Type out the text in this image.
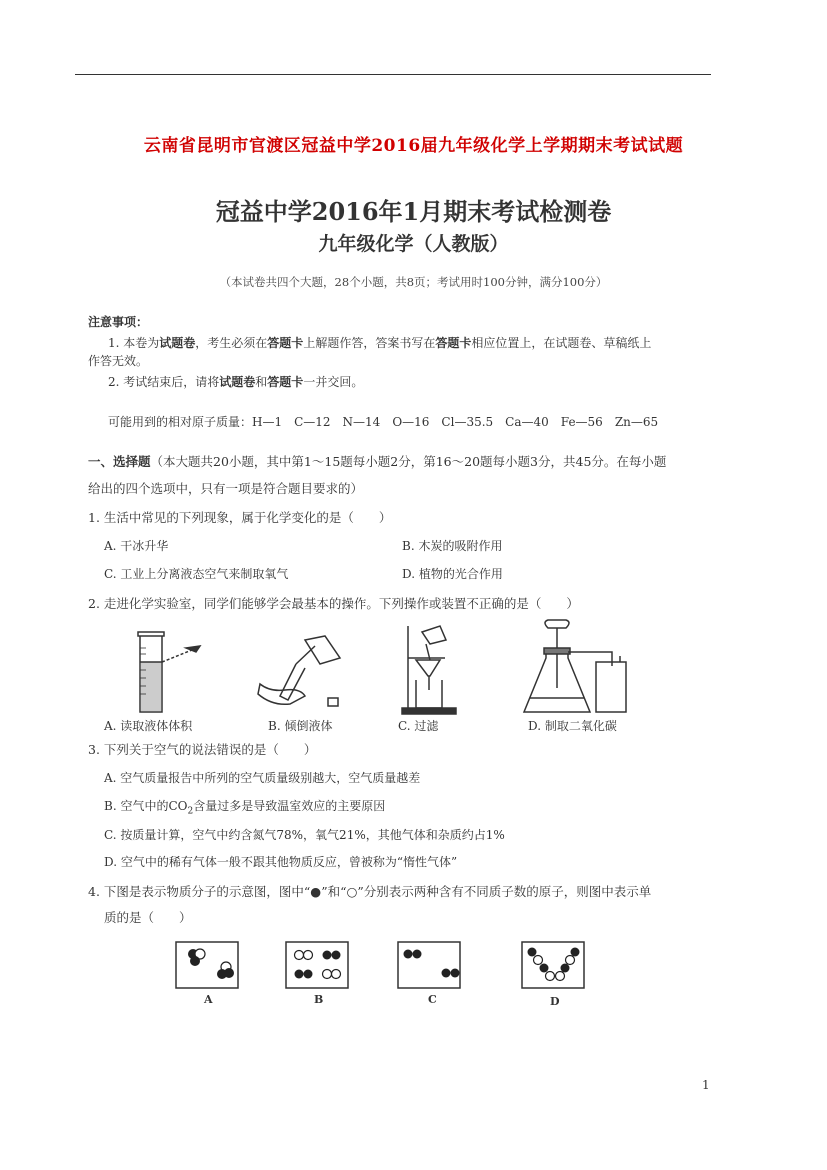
云南省昆明市官渡区冠益中学2016届九年级化学上学期期末考试试题
冠益中学2016年1月期末考试检测卷
九年级化学（人教版）
（本试卷共四个大题，28个小题，共8页；考试用时100分钟，满分100分）
注意事项：
1. 本卷为试题卷，考生必须在答题卡上解题作答，答案书写在答题卡相应位置上，在试题卷、草稿纸上
作答无效。
2. 考试结束后，请将试题卷和答题卡一并交回。
可能用到的相对原子质量：H—1　C—12　N—14　O—16　Cl—35.5　Ca—40　Fe—56　Zn—65
一、选择题（本大题共20小题，其中第1～15题每小题2分，第16～20题每小题3分，共45分。在每小题
给出的四个选项中，只有一项是符合题目要求的）
1. 生活中常见的下列现象，属于化学变化的是（　　）
A. 干冰升华	B. 木炭的吸附作用
C. 工业上分离液态空气来制取氧气	D. 植物的光合作用
2. 走进化学实验室，同学们能够学会最基本的操作。下列操作或装置不正确的是（　　）
A. 读取液体体积	B. 倾倒液体	C. 过滤	D. 制取二氧化碳
3. 下列关于空气的说法错误的是（　　）
A. 空气质量报告中所列的空气质量级别越大，空气质量越差
B. 空气中的$CO_2$含量过多是导致温室效应的主要原因
C. 按质量计算，空气中约含氮气78%，氧气21%，其他气体和杂质约占1%
D. 空气中的稀有气体一般不跟其他物质反应，曾被称为“惰性气体”
4. 下图是表示物质分子的示意图，图中“●”和“○”分别表示两种含有不同质子数的原子，则图中表示单
质的是（　　）
A	B	C	D
1
